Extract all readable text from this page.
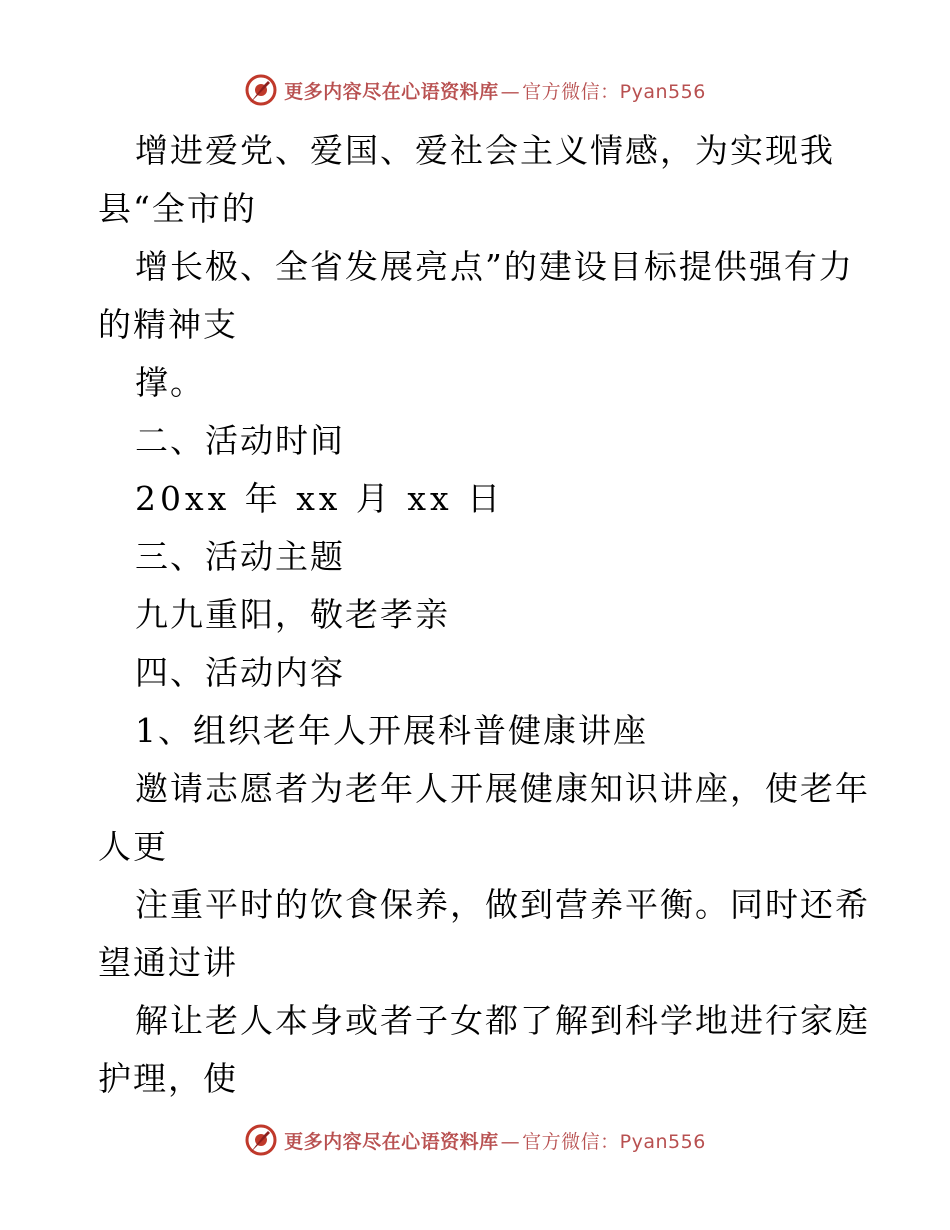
更多内容尽在心语资料库 — 官方微信：Pyan556
增进爱党、爱国、爱社会主义情感，为实现我
县“全市的
增长极、全省发展亮点”的建设目标提供强有力
的精神支
撑。
二、活动时间
20xx 年 xx 月 xx 日
三、活动主题
九九重阳，敬老孝亲
四、活动内容
1、组织老年人开展科普健康讲座
邀请志愿者为老年人开展健康知识讲座，使老年
人更
注重平时的饮食保养，做到营养平衡。同时还希
望通过讲
解让老人本身或者子女都了解到科学地进行家庭
护理，使
更多内容尽在心语资料库 — 官方微信：Pyan556
